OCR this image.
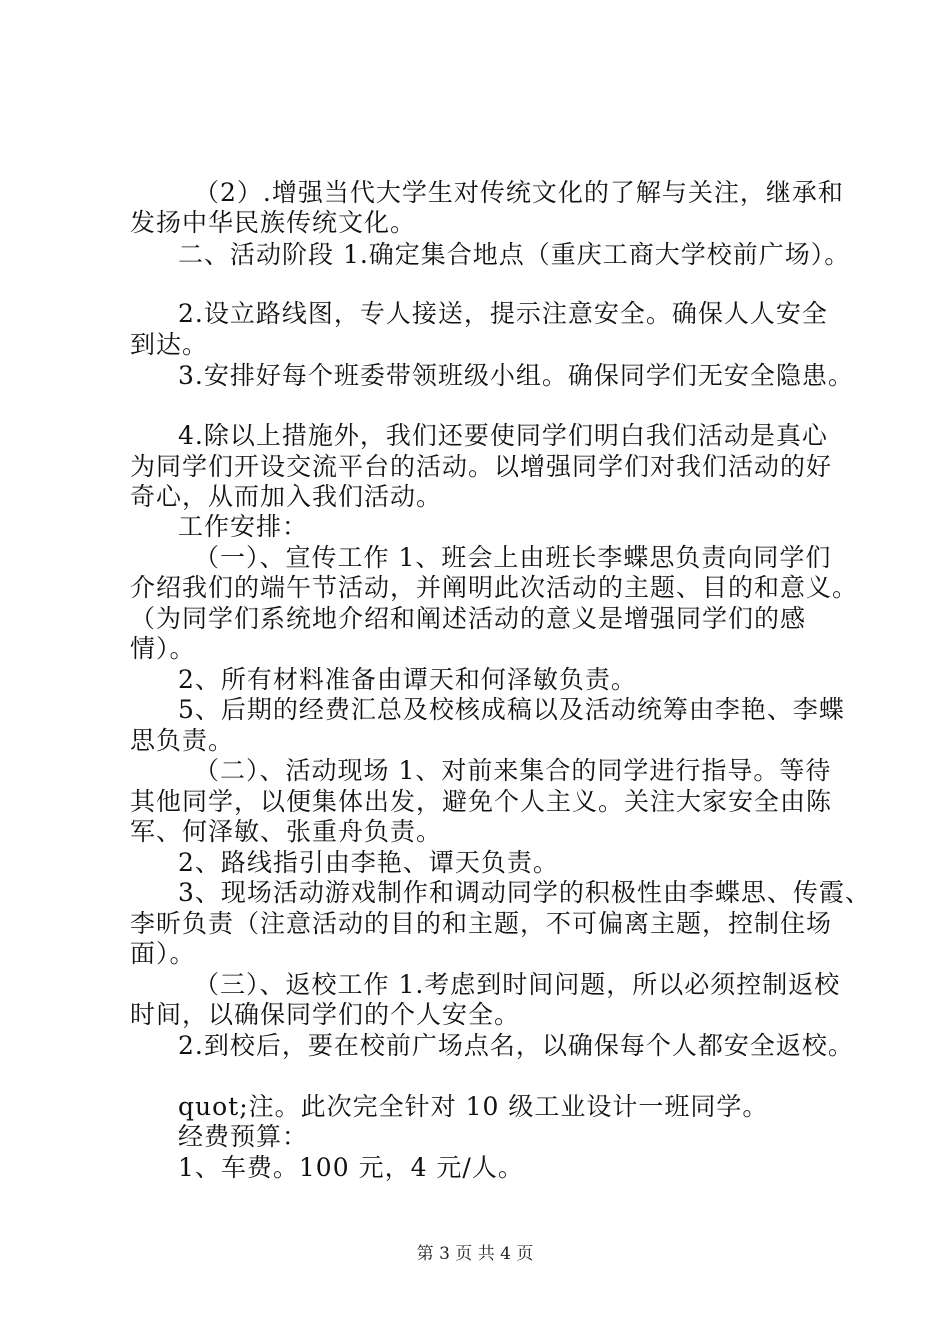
（2）.增强当代大学生对传统文化的了解与关注，继承和
发扬中华民族传统文化。
二、活动阶段 1.确定集合地点（重庆工商大学校前广场）。
2.设立路线图，专人接送，提示注意安全。确保人人安全
到达。
3.安排好每个班委带领班级小组。确保同学们无安全隐患。
4.除以上措施外，我们还要使同学们明白我们活动是真心
为同学们开设交流平台的活动。以增强同学们对我们活动的好
奇心，从而加入我们活动。
工作安排：
（一）、宣传工作 1、班会上由班长李蝶思负责向同学们
介绍我们的端午节活动，并阐明此次活动的主题、目的和意义。
（为同学们系统地介绍和阐述活动的意义是增强同学们的感
情）。
2、所有材料准备由谭天和何泽敏负责。
5、后期的经费汇总及校核成稿以及活动统筹由李艳、李蝶
思负责。
（二）、活动现场 1、对前来集合的同学进行指导。等待
其他同学，以便集体出发，避免个人主义。关注大家安全由陈
军、何泽敏、张重舟负责。
2、路线指引由李艳、谭天负责。
3、现场活动游戏制作和调动同学的积极性由李蝶思、传霞、
李昕负责（注意活动的目的和主题，不可偏离主题，控制住场
面）。
（三）、返校工作 1.考虑到时间问题，所以必须控制返校
时间，以确保同学们的个人安全。
2.到校后，要在校前广场点名，以确保每个人都安全返校。
quot;注。此次完全针对 10 级工业设计一班同学。
经费预算：
1、车费。100 元，4 元/人。
第 3 页 共 4 页
